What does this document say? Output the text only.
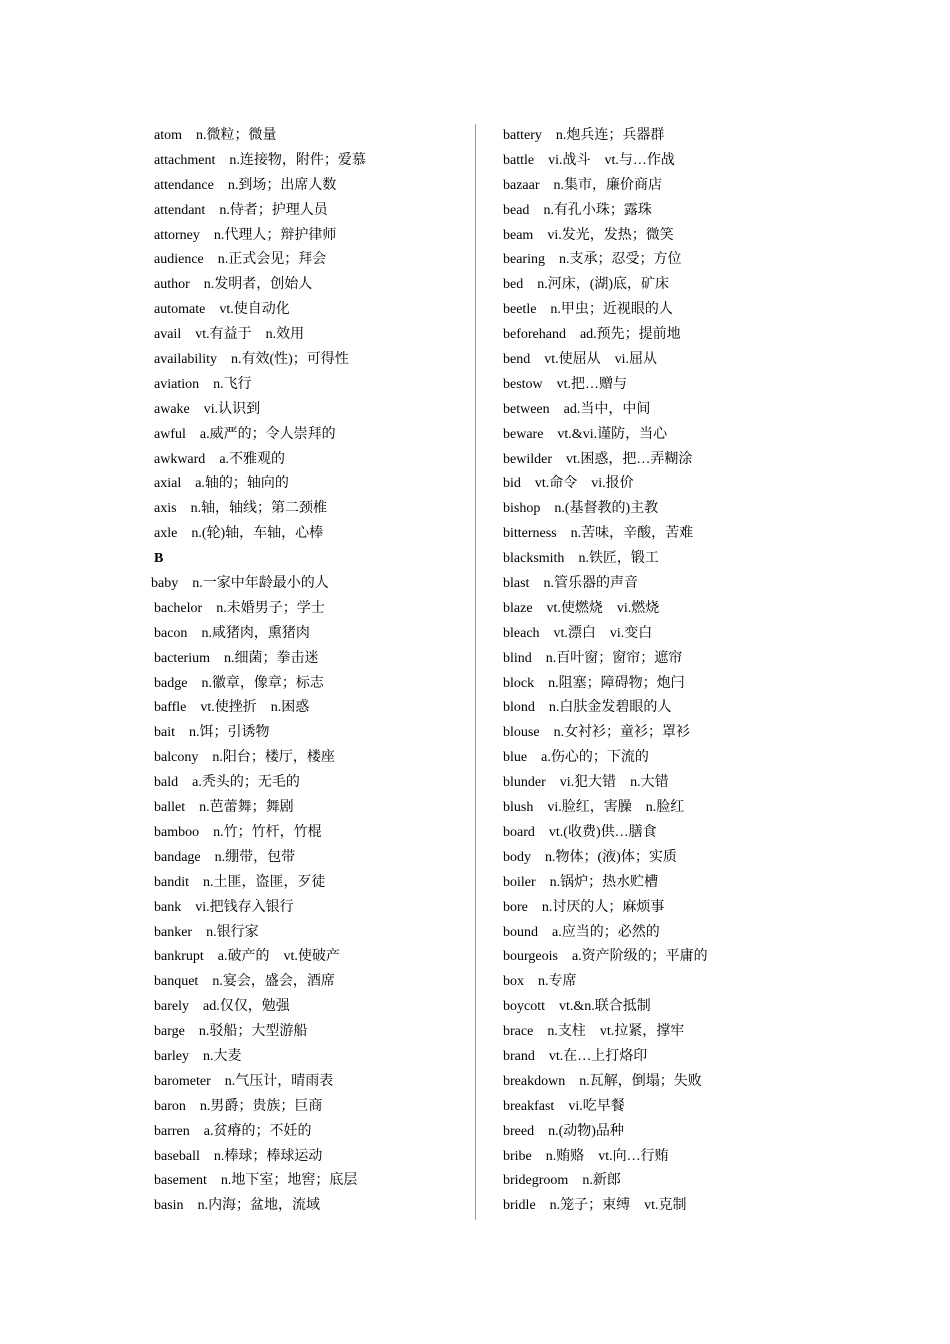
atom n.微粒；微量
attachment n.连接物，附件；爱慕
attendance n.到场；出席人数
attendant n.侍者；护理人员
attorney n.代理人；辩护律师
audience n.正式会见；拜会
author n.发明者，创始人
automate vt.使自动化
avail vt.有益于 n.效用
availability n.有效(性)；可得性
aviation n.飞行
awake vi.认识到
awful a.威严的；令人崇拜的
awkward a.不雅观的
axial a.轴的；轴向的
axis n.轴，轴线；第二颈椎
axle n.(轮)轴，车轴，心棒
B
baby n.一家中年龄最小的人
bachelor n.未婚男子；学士
bacon n.咸猪肉，熏猪肉
bacterium n.细菌；拳击迷
badge n.徽章，像章；标志
baffle vt.使挫折 n.困惑
bait n.饵；引诱物
balcony n.阳台；楼厅，楼座
bald a.秃头的；无毛的
ballet n.芭蕾舞；舞剧
bamboo n.竹；竹杆，竹棍
bandage n.绷带，包带
bandit n.土匪，盗匪，歹徒
bank vi.把钱存入银行
banker n.银行家
bankrupt a.破产的 vt.使破产
banquet n.宴会，盛会，酒席
barely ad.仅仅，勉强
barge n.驳船；大型游船
barley n.大麦
barometer n.气压计，晴雨表
baron n.男爵；贵族；巨商
barren a.贫瘠的；不妊的
baseball n.棒球；棒球运动
basement n.地下室；地窖；底层
basin n.内海；盆地，流域
battery n.炮兵连；兵器群
battle vi.战斗 vt.与…作战
bazaar n.集市，廉价商店
bead n.有孔小珠；露珠
beam vi.发光，发热；微笑
bearing n.支承；忍受；方位
bed n.河床，(湖)底，矿床
beetle n.甲虫；近视眼的人
beforehand ad.预先；提前地
bend vt.使屈从 vi.屈从
bestow vt.把…赠与
between ad.当中，中间
beware vt.&vi.谨防，当心
bewilder vt.困惑，把…弄糊涂
bid vt.命令 vi.报价
bishop n.(基督教的)主教
bitterness n.苦味，辛酸，苦难
blacksmith n.铁匠，锻工
blast n.管乐器的声音
blaze vt.使燃烧 vi.燃烧
bleach vt.漂白 vi.变白
blind n.百叶窗；窗帘；遮帘
block n.阻塞；障碍物；炮闩
blond n.白肤金发碧眼的人
blouse n.女衬衫；童衫；罩衫
blue a.伤心的；下流的
blunder vi.犯大错 n.大错
blush vi.脸红，害臊 n.脸红
board vt.(收费)供…膳食
body n.物体；(液)体；实质
boiler n.锅炉；热水贮槽
bore n.讨厌的人；麻烦事
bound a.应当的；必然的
bourgeois a.资产阶级的；平庸的
box n.专席
boycott vt.&n.联合抵制
brace n.支柱 vt.拉紧，撑牢
brand vt.在…上打烙印
breakdown n.瓦解，倒塌；失败
breakfast vi.吃早餐
breed n.(动物)品种
bribe n.贿赂 vt.向…行贿
bridegroom n.新郎
bridle n.笼子；束缚 vt.克制
